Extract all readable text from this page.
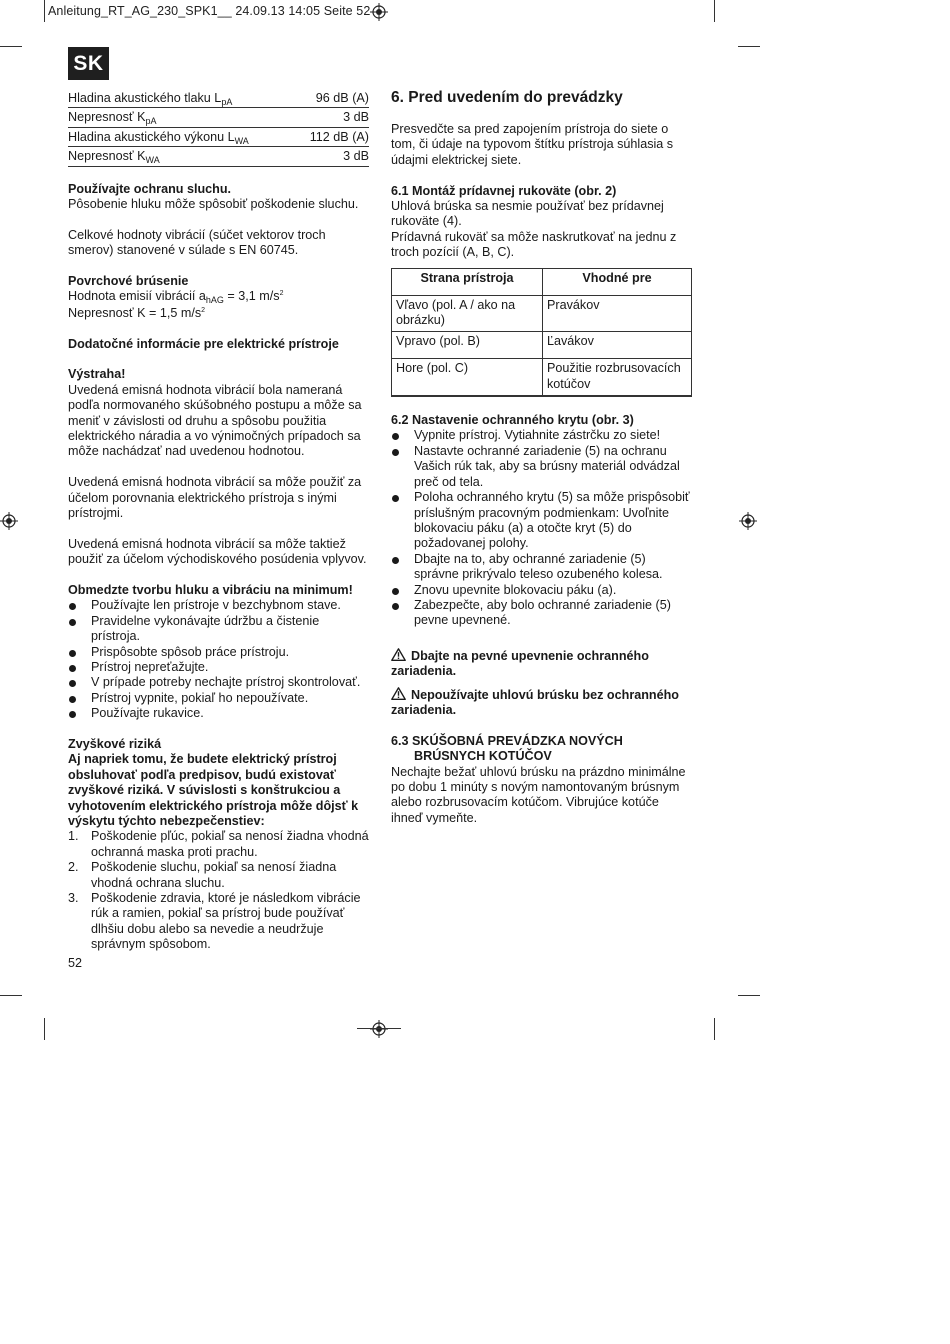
Anleitung_RT_AG_230_SPK1__ 24.09.13 14:05 Seite 52
SK
Hladina akustického tlaku $L_{pA}$	96 dB (A)
Nepresnosť $K_{pA}$	3 dB
Hladina akustického výkonu $L_{WA}$	112 dB (A)
Nepresnosť $K_{WA}$	3 dB

Používajte ochranu sluchu.

Pôsobenie hluku môže spôsobiť poškodenie sluchu.

Celkové hodnoty vibrácií (súčet vektorov troch smerov) stanovené v súlade s EN 60745.

Povrchové brúsenie

Hodnota emisií vibrácií $a_{hAG} = 3,1$ $m/s^2$

Nepresnosť K = 1,5 $m/s^2$

Dodatočné informácie pre elektrické prístroje

Výstraha!

Uvedená emisná hodnota vibrácií bola nameraná podľa normovaného skúšobného postupu a môže sa meniť v závislosti od druhu a spôsobu použitia elektrického náradia a vo výnimočných prípadoch sa môže nachádzať nad uvedenou hodnotou.

Uvedená emisná hodnota vibrácií sa môže použiť za účelom porovnania elektrického prístroja s inými prístrojmi.

Uvedená emisná hodnota vibrácií sa môže taktiež použiť za účelom východiskového posúdenia vplyvov.

Obmedzte tvorbu hluku a vibráciu na minimum!

Používajte len prístroje v bezchybnom stave.
Pravidelne vykonávajte údržbu a čistenie prístroja.
Prispôsobte spôsob práce prístroju.
Prístroj nepreťažujte.
V prípade potreby nechajte prístroj skontrolovať.
Prístroj vypnite, pokiaľ ho nepoužívate.
Používajte rukavice.

Zvyškové riziká

Aj napriek tomu, že budete elektrický prístroj obsluhovať podľa predpisov, budú existovať zvyškové riziká. V súvislosti s konštrukciou a vyhotovením elektrického prístroja môže dôjsť k výskytu týchto nebezpečenstiev:

1. Poškodenie pľúc, pokiaľ sa nenosí žiadna vhodná ochranná maska proti prachu.
2. Poškodenie sluchu, pokiaľ sa nenosí žiadna vhodná ochrana sluchu.
3. Poškodenie zdravia, ktoré je následkom vibrácie rúk a ramien, pokiaľ sa prístroj bude používať dlhšiu dobu alebo sa nevedie a neudržuje správnym spôsobom.
6. Pred uvedením do prevádzky

Presvedčte sa pred zapojením prístroja do siete o tom, či údaje na typovom štítku prístroja súhlasia s údajmi elektrickej siete.

6.1 Montáž prídavnej rukoväte (obr. 2)

Uhlová brúska sa nesmie používať bez prídavnej rukoväte (4).

Prídavná rukoväť sa môže naskrutkovať na jednu z troch pozícií (A, B, C).

Strana prístroja	Vhodné pre
Vľavo (pol. A / ako na obrázku)	Pravákov
Vpravo (pol. B)	Ľavákov
Hore (pol. C)	Použitie rozbrusovacích kotúčov

6.2 Nastavenie ochranného krytu (obr. 3)

Vypnite prístroj. Vytiahnite zástrčku zo siete!
Nastavte ochranné zariadenie (5) na ochranu Vašich rúk tak, aby sa brúsny materiál odvádzal preč od tela.
Poloha ochranného krytu (5) sa môže prispôsobiť príslušným pracovným podmienkam: Uvoľnite blokovaciu páku (a) a otočte kryt (5) do požadovanej polohy.
Dbajte na to, aby ochranné zariadenie (5) správne prikrývalo teleso ozubeného kolesa.
Znovu upevnite blokovaciu páku (a).
Zabezpečte, aby bolo ochranné zariadenie (5) pevne upevnené.

Dbajte na pevné upevnenie ochranného zariadenia.

Nepoužívajte uhlovú brúsku bez ochranného zariadenia.

6.3 SKÚŠOBNÁ PREVÁDZKA NOVÝCH BRÚSNYCH KOTÚČOV

Nechajte bežať uhlovú brúsku na prázdno minimálne po dobu 1 minúty s novým namontovaným brúsnym alebo rozbrusovacím kotúčom. Vibrujúce kotúče ihneď vymeňte.

52
